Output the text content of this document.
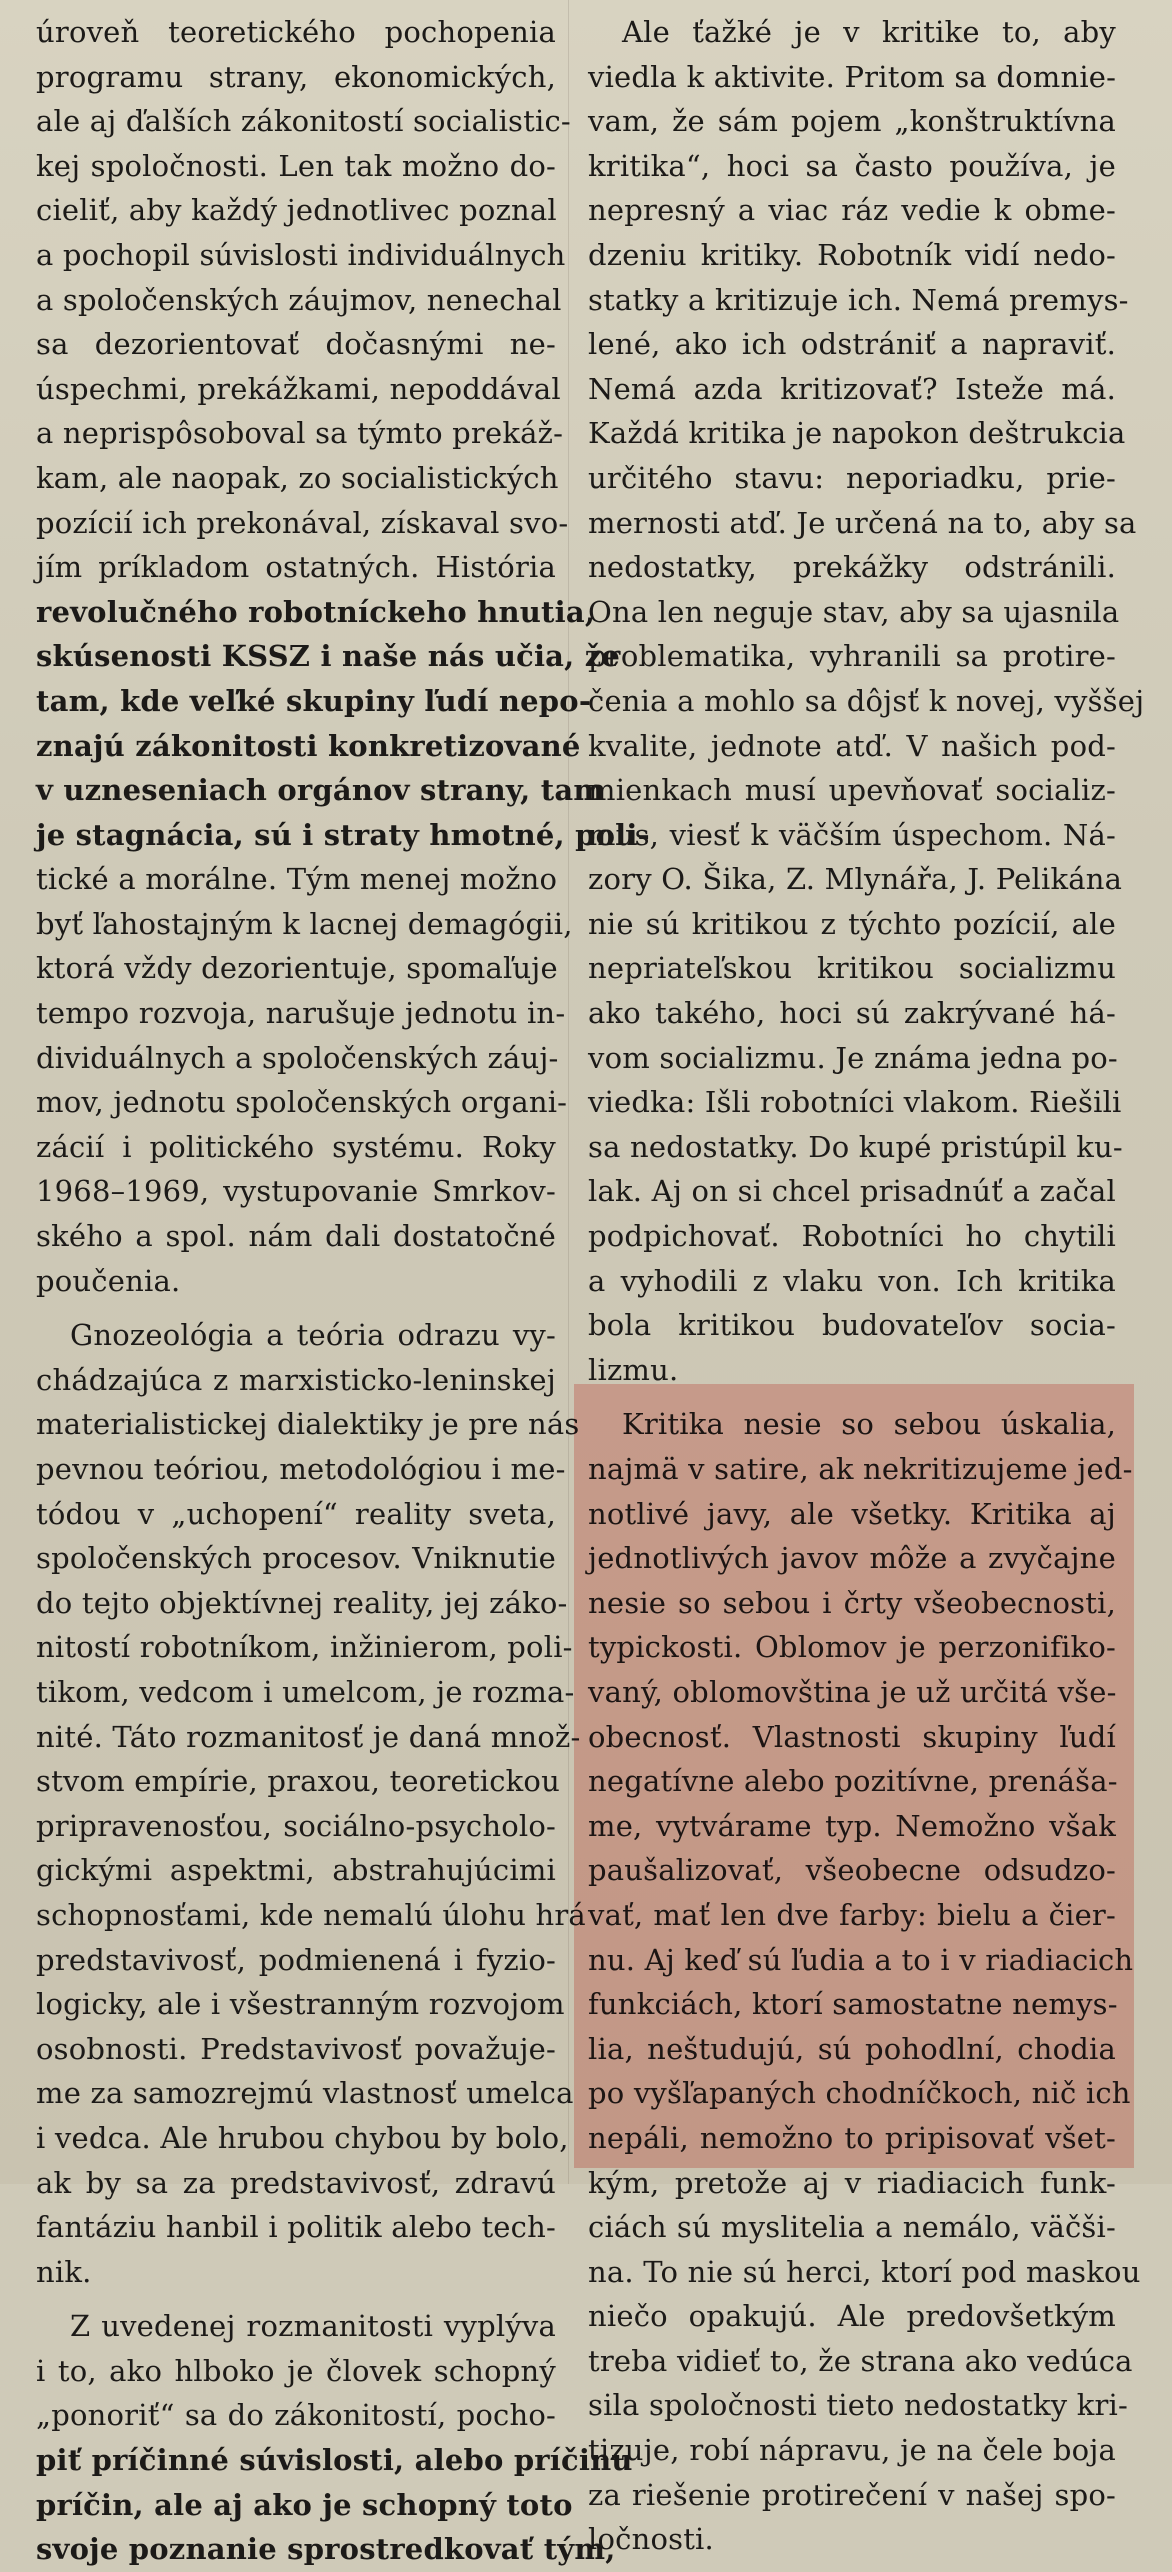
úroveň teoretického pochopenia
programu strany, ekonomických,
ale aj ďalších zákonitostí socialistic-
kej spoločnosti. Len tak možno do-
cieliť, aby každý jednotlivec poznal
a pochopil súvislosti individuálnych
a spoločenských záujmov, nenechal
sa dezorientovať dočasnými ne-
úspechmi, prekážkami, nepoddával
a neprispôsoboval sa týmto prekáž-
kam, ale naopak, zo socialistických
pozícií ich prekonával, získaval svo-
jím príkladom ostatných. História
revolučného robotníckeho hnutia,
skúsenosti KSSZ i naše nás učia, že
tam, kde veľké skupiny ľudí nepo-
znajú zákonitosti konkretizované
v uzneseniach orgánov strany, tam
je stagnácia, sú i straty hmotné, poli-
tické a morálne. Tým menej možno
byť ľahostajným k lacnej demagógii,
ktorá vždy dezorientuje, spomaľuje
tempo rozvoja, narušuje jednotu in-
dividuálnych a spoločenských záuj-
mov, jednotu spoločenských organi-
zácií i politického systému. Roky
1968–1969, vystupovanie Smrkov-
ského a spol. nám dali dostatočné
poučenia.
Gnozeológia a teória odrazu vy-
chádzajúca z marxisticko-leninskej
materialistickej dialektiky je pre nás
pevnou teóriou, metodológiou i me-
tódou v „uchopení“ reality sveta,
spoločenských procesov. Vniknutie
do tejto objektívnej reality, jej záko-
nitostí robotníkom, inžinierom, poli-
tikom, vedcom i umelcom, je rozma-
nité. Táto rozmanitosť je daná množ-
stvom empírie, praxou, teoretickou
pripravenosťou, sociálno-psycholo-
gickými aspektmi, abstrahujúcimi
schopnosťami, kde nemalú úlohu hrá
predstavivosť, podmienená i fyzio-
logicky, ale i všestranným rozvojom
osobnosti. Predstavivosť považuje-
me za samozrejmú vlastnosť umelca
i vedca. Ale hrubou chybou by bolo,
ak by sa za predstavivosť, zdravú
fantáziu hanbil i politik alebo tech-
nik.
Z uvedenej rozmanitosti vyplýva
i to, ako hlboko je človek schopný
„ponoriť“ sa do zákonitostí, pocho-
piť príčinné súvislosti, alebo príčinu
príčin, ale aj ako je schopný toto
svoje poznanie sprostredkovať tým,
Ale ťažké je v kritike to, aby
viedla k aktivite. Pritom sa domnie-
vam, že sám pojem „konštruktívna
kritika“, hoci sa často používa, je
nepresný a viac ráz vedie k obme-
dzeniu kritiky. Robotník vidí nedo-
statky a kritizuje ich. Nemá premys-
lené, ako ich odstrániť a napraviť.
Nemá azda kritizovať? Isteže má.
Každá kritika je napokon deštrukcia
určitého stavu: neporiadku, prie-
mernosti atď. Je určená na to, aby sa
nedostatky, prekážky odstránili.
Ona len neguje stav, aby sa ujasnila
problematika, vyhranili sa protire-
čenia a mohlo sa dôjsť k novej, vyššej
kvalite, jednote atď. V našich pod-
mienkach musí upevňovať socializ-
mus, viesť k väčším úspechom. Ná-
zory O. Šika, Z. Mlynářa, J. Pelikána
nie sú kritikou z týchto pozícií, ale
nepriateľskou kritikou socializmu
ako takého, hoci sú zakrývané há-
vom socializmu. Je známa jedna po-
viedka: Išli robotníci vlakom. Riešili
sa nedostatky. Do kupé pristúpil ku-
lak. Aj on si chcel prisadnúť a začal
podpichovať. Robotníci ho chytili
a vyhodili z vlaku von. Ich kritika
bola kritikou budovateľov socia-
lizmu.
Kritika nesie so sebou úskalia,
najmä v satire, ak nekritizujeme jed-
notlivé javy, ale všetky. Kritika aj
jednotlivých javov môže a zvyčajne
nesie so sebou i črty všeobecnosti,
typickosti. Oblomov je perzonifiko-
vaný, oblomovština je už určitá vše-
obecnosť. Vlastnosti skupiny ľudí
negatívne alebo pozitívne, prenáša-
me, vytvárame typ. Nemožno však
paušalizovať, všeobecne odsudzo-
vať, mať len dve farby: bielu a čier-
nu. Aj keď sú ľudia a to i v riadiacich
funkciách, ktorí samostatne nemys-
lia, neštudujú, sú pohodlní, chodia
po vyšľapaných chodníčkoch, nič ich
nepáli, nemožno to pripisovať všet-
kým, pretože aj v riadiacich funk-
ciách sú myslitelia a nemálo, väčši-
na. To nie sú herci, ktorí pod maskou
niečo opakujú. Ale predovšetkým
treba vidieť to, že strana ako vedúca
sila spoločnosti tieto nedostatky kri-
tizuje, robí nápravu, je na čele boja
za riešenie protirečení v našej spo-
ločnosti.
